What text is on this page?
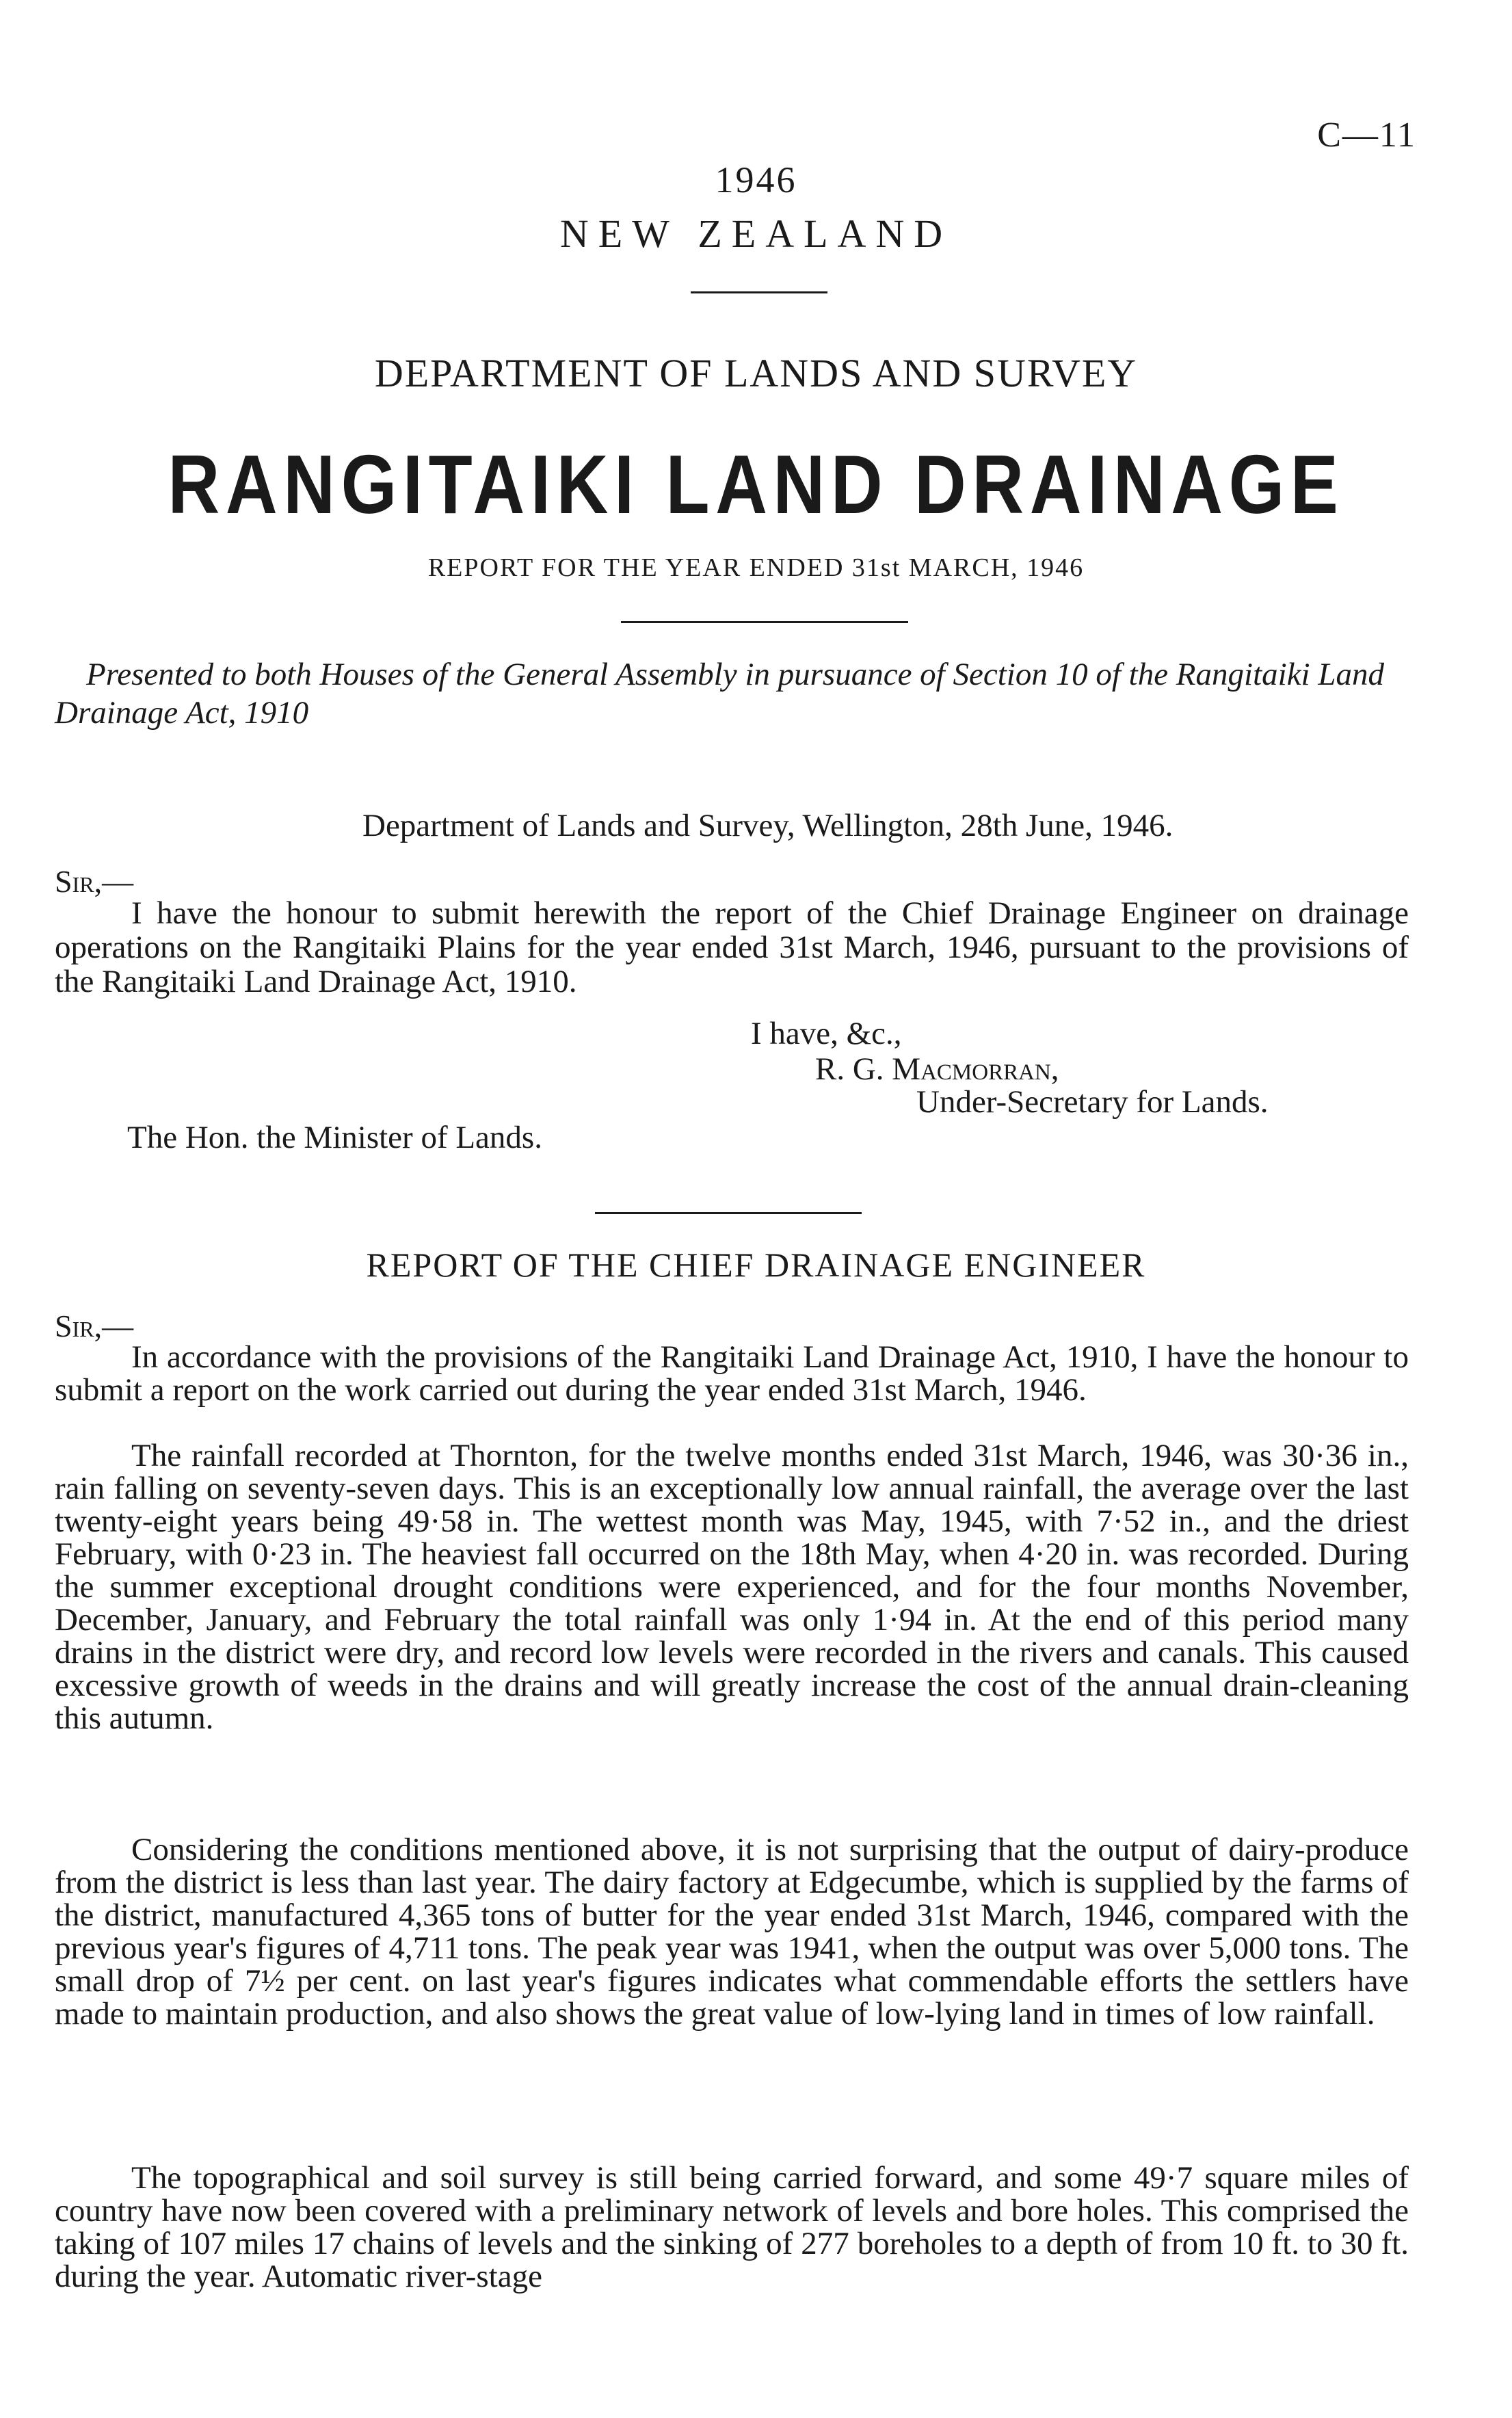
C—11
1946
NEW ZEALAND
DEPARTMENT OF LANDS AND SURVEY
RANGITAIKI LAND DRAINAGE
REPORT FOR THE YEAR ENDED 31st MARCH, 1946
Presented to both Houses of the General Assembly in pursuance of Section 10 of the Rangitaiki Land Drainage Act, 1910
Department of Lands and Survey, Wellington, 28th June, 1946.
Sir,—
I have the honour to submit herewith the report of the Chief Drainage Engineer on drainage operations on the Rangitaiki Plains for the year ended 31st March, 1946, pursuant to the provisions of the Rangitaiki Land Drainage Act, 1910.
I have, &c.,
R. G. Macmorran,
Under-Secretary for Lands.
The Hon. the Minister of Lands.
REPORT OF THE CHIEF DRAINAGE ENGINEER
Sir,—
In accordance with the provisions of the Rangitaiki Land Drainage Act, 1910, I have the honour to submit a report on the work carried out during the year ended 31st March, 1946.
The rainfall recorded at Thornton, for the twelve months ended 31st March, 1946, was 30·36 in., rain falling on seventy-seven days. This is an exceptionally low annual rainfall, the average over the last twenty-eight years being 49·58 in. The wettest month was May, 1945, with 7·52 in., and the driest February, with 0·23 in. The heaviest fall occurred on the 18th May, when 4·20 in. was recorded. During the summer exceptional drought conditions were experienced, and for the four months November, December, January, and February the total rainfall was only 1·94 in. At the end of this period many drains in the district were dry, and record low levels were recorded in the rivers and canals. This caused excessive growth of weeds in the drains and will greatly increase the cost of the annual drain-cleaning this autumn.
Considering the conditions mentioned above, it is not surprising that the output of dairy-produce from the district is less than last year. The dairy factory at Edgecumbe, which is supplied by the farms of the district, manufactured 4,365 tons of butter for the year ended 31st March, 1946, compared with the previous year's figures of 4,711 tons. The peak year was 1941, when the output was over 5,000 tons. The small drop of 7½ per cent. on last year's figures indicates what commendable efforts the settlers have made to maintain production, and also shows the great value of low-lying land in times of low rainfall.
The topographical and soil survey is still being carried forward, and some 49·7 square miles of country have now been covered with a preliminary network of levels and bore holes. This comprised the taking of 107 miles 17 chains of levels and the sinking of 277 boreholes to a depth of from 10 ft. to 30 ft. during the year. Automatic river-stage
